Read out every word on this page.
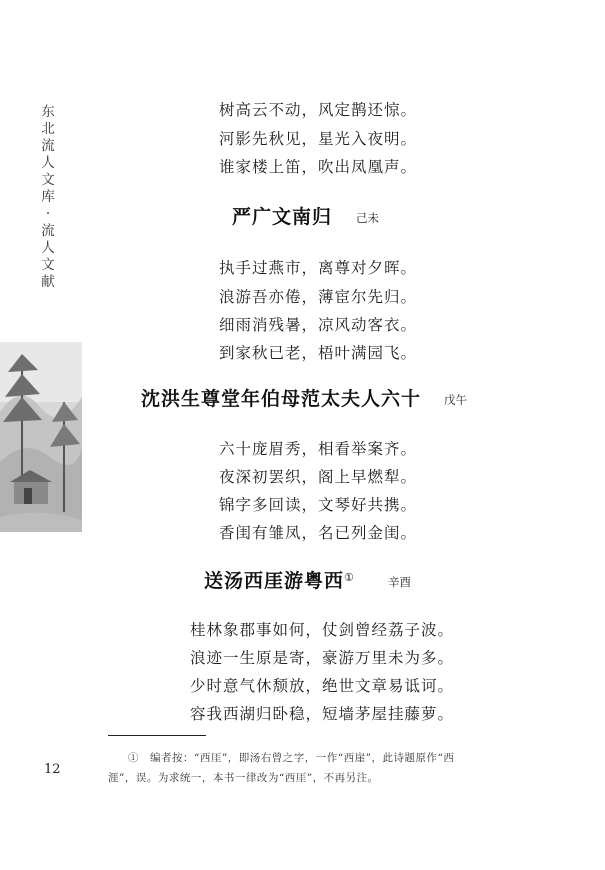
东
北
流
人
文
库
·
流
人
文
献
树高云不动，风定鹊还惊。
河影先秋见，星光入夜明。
谁家楼上笛，吹出凤凰声。
严广文南归 己未
执手过燕市，离尊对夕晖。
浪游吾亦倦，薄宦尔先归。
细雨消残暑，凉风动客衣。
到家秋已老，梧叶满园飞。
沈洪生尊堂年伯母范太夫人六十 戊午
六十庞眉秀，相看举案齐。
夜深初罢织，阁上早燃犁。
锦字多回读，文琴好共携。
香闺有雏凤，名已列金闺。
送汤西厓游粤西①	辛酉
桂林象郡事如何，仗剑曾经荔子波。
浪迹一生原是寄，豪游万里未为多。
少时意气休颓放，绝世文章易诋诃。
容我西湖归卧稳，短墙茅屋挂藤萝。
①　编者按：“西厓”，即汤右曾之字，一作“西崖”，此诗题原作“西
涯”，误。为求统一，本书一律改为“西厓”，不再另注。
12
